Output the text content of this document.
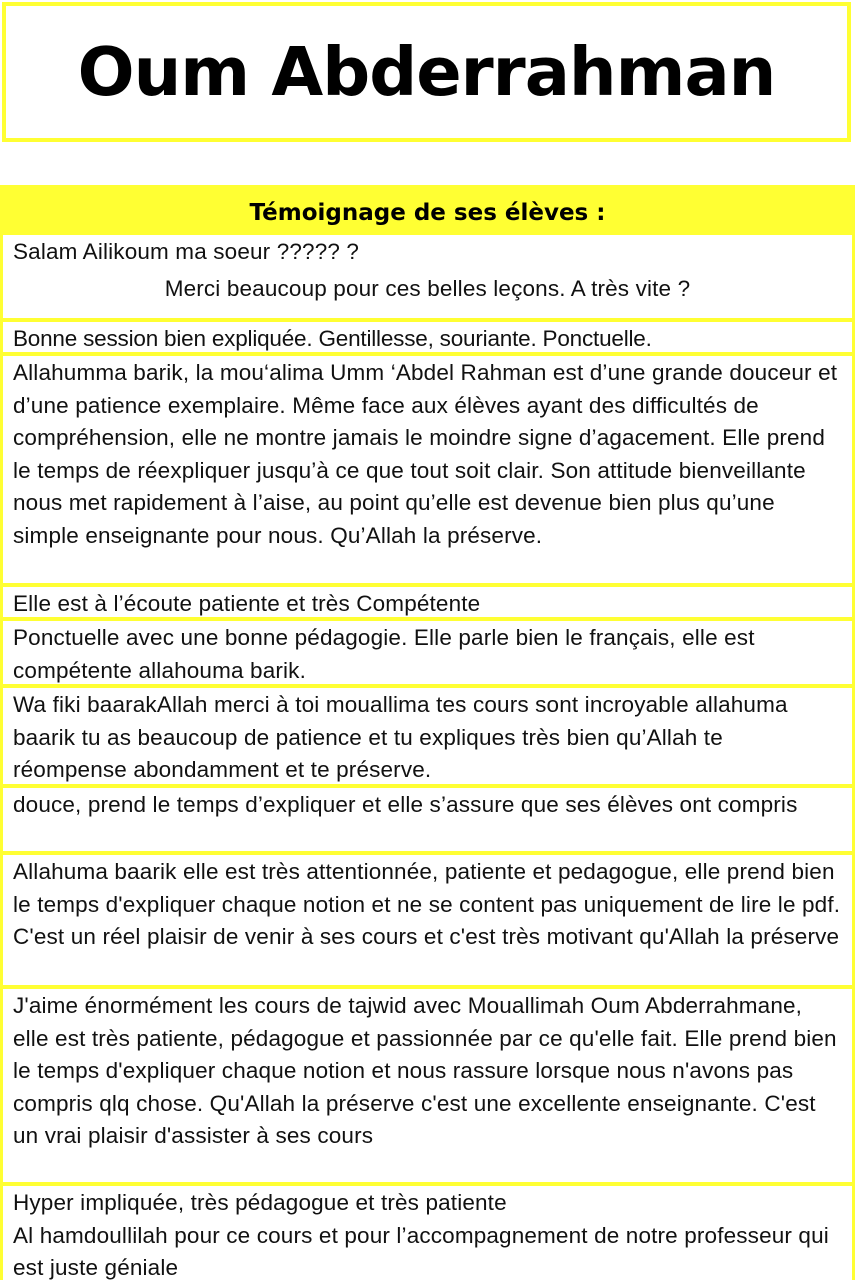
Oum Abderrahman
Témoignage de ses élèves :
Salam Ailikoum ma soeur ????? ?
Merci beaucoup pour ces belles leçons. A très vite ?

Bonne session bien expliquée. Gentillesse, souriante. Ponctuelle.

Allahumma barik, la mou‘alima Umm ‘Abdel Rahman est d’une grande douceur et d’une patience exemplaire. Même face aux élèves ayant des difficultés de compréhension, elle ne montre jamais le moindre signe d’agacement. Elle prend le temps de réexpliquer jusqu’à ce que tout soit clair. Son attitude bienveillante nous met rapidement à l’aise, au point qu’elle est devenue bien plus qu’une simple enseignante pour nous. Qu’Allah la préserve.

Elle est à l’écoute patiente et très Compétente

Ponctuelle avec une bonne pédagogie. Elle parle bien le français, elle est compétente allahouma barik.

Wa fiki baarakAllah merci à toi mouallima tes cours sont incroyable allahuma baarik tu as beaucoup de patience et tu expliques très bien qu’Allah te réompense abondamment et te préserve.

douce, prend le temps d’expliquer et elle s’assure que ses élèves ont compris

Allahuma baarik elle est très attentionnée, patiente et pedagogue, elle prend bien le temps d'expliquer chaque notion et ne se content pas uniquement de lire le pdf. C'est un réel plaisir de venir à ses cours et c'est très motivant qu'Allah la préserve

J'aime énormément les cours de tajwid avec Mouallimah Oum Abderrahmane, elle est très patiente, pédagogue et passionnée par ce qu'elle fait. Elle prend bien le temps d'expliquer chaque notion et nous rassure lorsque nous n'avons pas compris qlq chose. Qu'Allah la préserve c'est une excellente enseignante. C'est un vrai plaisir d'assister à ses cours

Hyper impliquée, très pédagogue et très patiente
Al hamdoullilah pour ce cours et pour l’accompagnement de notre professeur qui est juste géniale
